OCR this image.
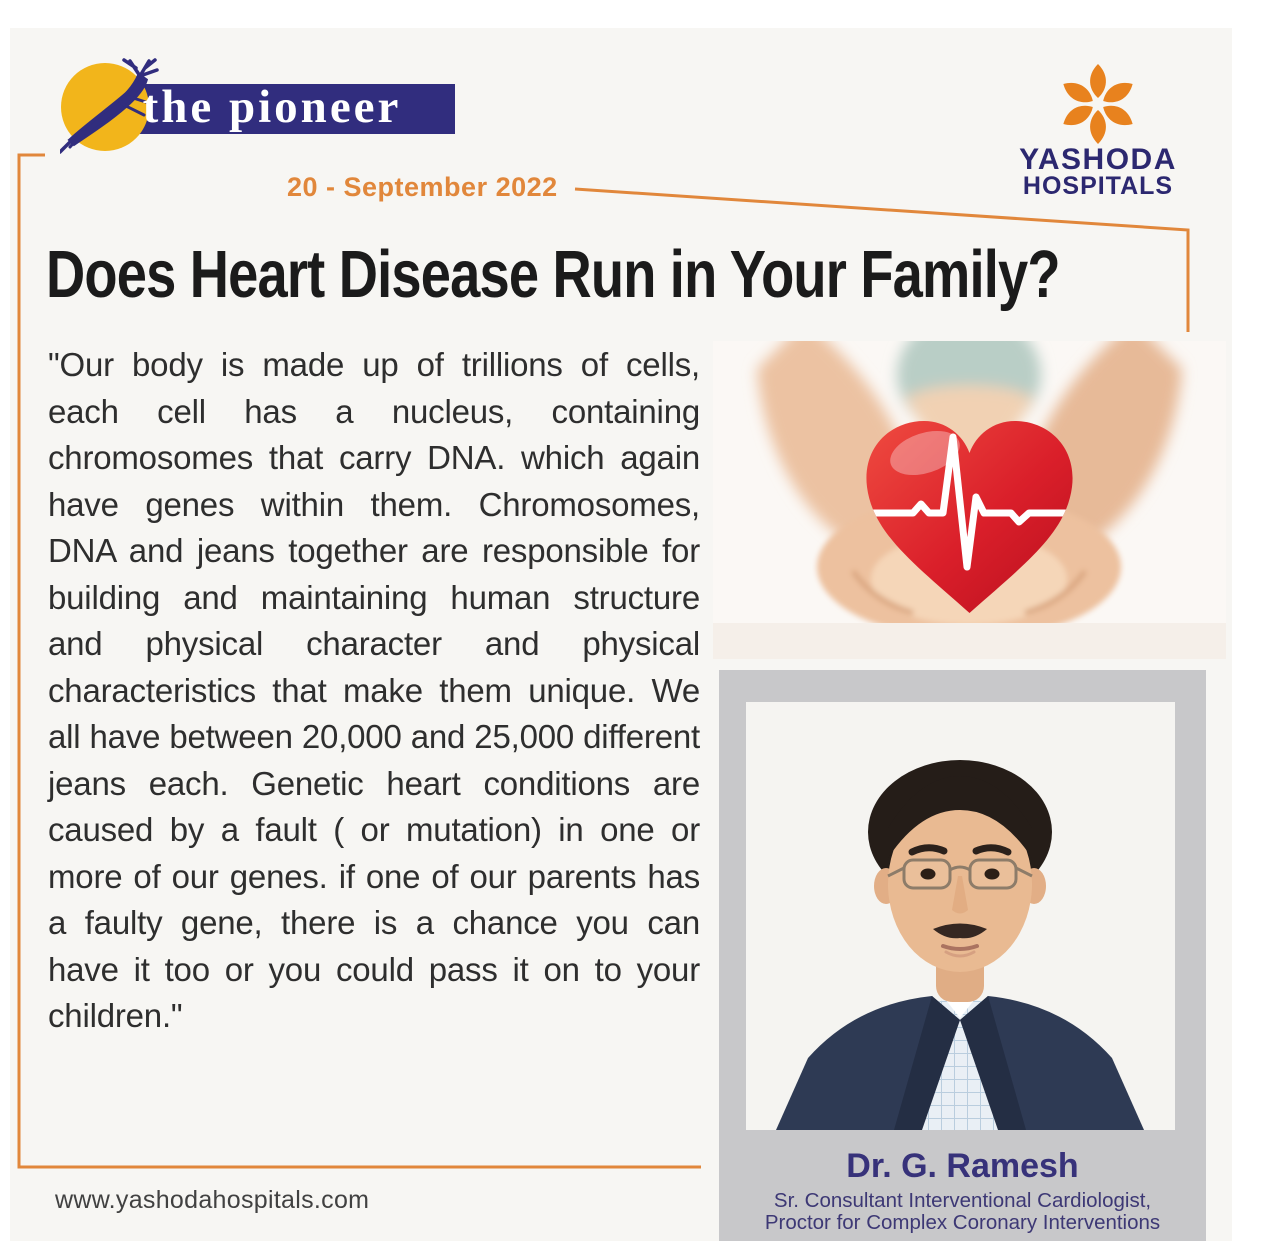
the pioneer
20 - September 2022
YASHODA
HOSPITALS
Does Heart Disease Run in Your Family?
"Our body is made up of trillions of cells, each cell has a nucleus, containing chromosomes that carry DNA. which again have genes within them. Chromosomes, DNA and jeans together are responsible for building and maintaining human structure and physical character and physical characteristics that make them unique. We all have between 20,000 and 25,000 different jeans each. Genetic heart conditions are caused by a fault ( or mutation) in one or more of our genes. if one of our parents has a faulty gene, there is a chance you can have it too or you could pass it on to your children."
Dr. G. Ramesh
Sr. Consultant Interventional Cardiologist,
Proctor for Complex Coronary Interventions
www.yashodahospitals.com
